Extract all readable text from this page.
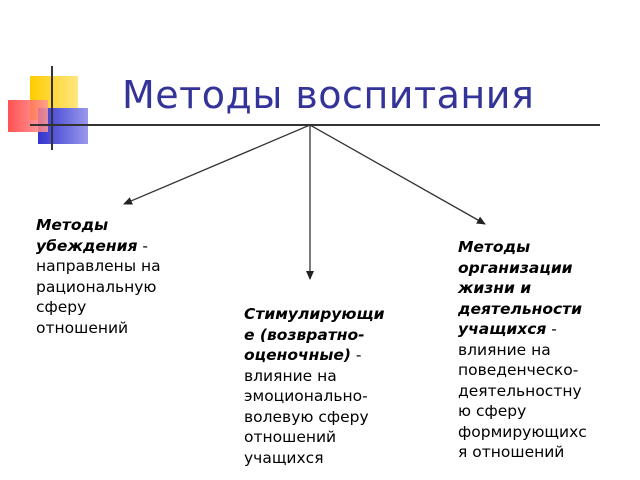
Методы воспитания
Методы
убеждения -
направлены на
рациональную
сферу
отношений
Стимулирующи
е (возвратно-
оценочные) -
влияние на
эмоционально-
волевую сферу
отношений
учащихся
Методы
организации
жизни и
деятельности
учащихся -
влияние на
поведенческо-
деятельностну
ю сферу
формирующихс
я отношений
